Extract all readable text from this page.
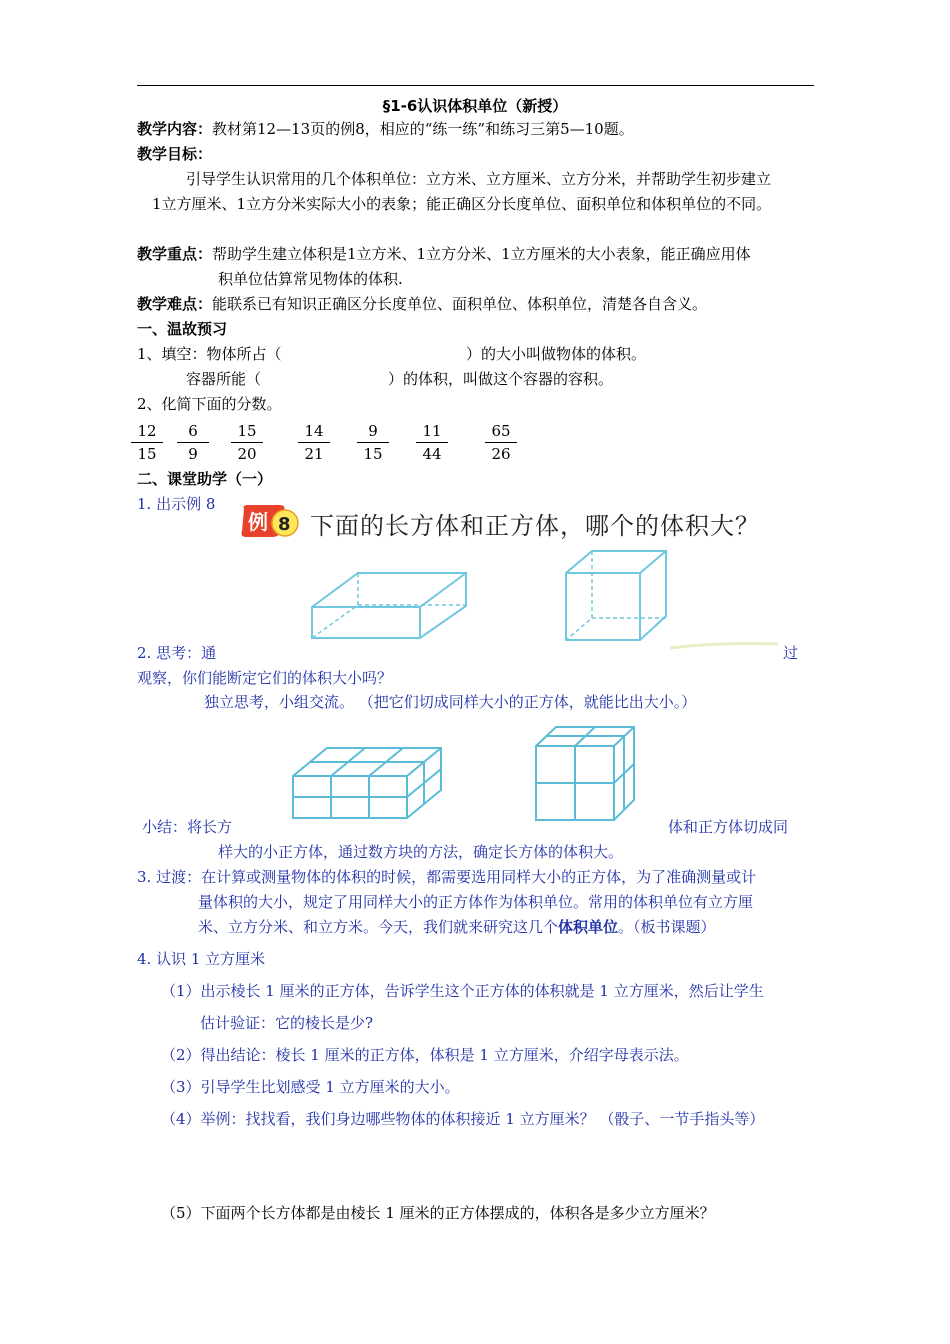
§1-6认识体积单位（新授）
教学内容：教材第12—13页的例8，相应的“练一练”和练习三第5—10题。
教学目标：
引导学生认识常用的几个体积单位：立方米、立方厘米、立方分米，并帮助学生初步建立
1立方厘米、1立方分米实际大小的表象；能正确区分长度单位、面积单位和体积单位的不同。
教学重点：帮助学生建立体积是1立方米、1立方分米、1立方厘米的大小表象，能正确应用体
积单位估算常见物体的体积.
教学难点：能联系已有知识正确区分长度单位、面积单位、体积单位，清楚各自含义。
一、温故预习
1、填空：物体所占（	）的大小叫做物体的体积。
容器所能（	）的体积，叫做这个容器的容积。
2、化简下面的分数。
$\frac{12}{15} \frac{6}{9} \frac{15}{20} \frac{14}{21} \frac{9}{15} \frac{11}{44} \frac{65}{26}$
二、课堂助学（一）
1. 出示例 8
例 8 下面的长方体和正方体，哪个的体积大？
2. 思考：通	过
观察，你们能断定它们的体积大小吗？
独立思考，小组交流。 （把它们切成同样大小的正方体，就能比出大小。）
小结：将长方	体和正方体切成同
样大的小正方体，通过数方块的方法，确定长方体的体积大。
3. 过渡：在计算或测量物体的体积的时候，都需要选用同样大小的正方体，为了准确测量或计
量体积的大小，规定了用同样大小的正方体作为体积单位。常用的体积单位有立方厘
米、立方分米、和立方米。今天，我们就来研究这几个体积单位。（板书课题）
4. 认识 1 立方厘米
（1）出示棱长 1 厘米的正方体，告诉学生这个正方体的体积就是 1 立方厘米，然后让学生
估计验证：它的棱长是少?
（2）得出结论：棱长 1 厘米的正方体，体积是 1 立方厘米，介绍字母表示法。
（3）引导学生比划感受 1 立方厘米的大小。
（4）举例：找找看，我们身边哪些物体的体积接近 1 立方厘米？ （骰子、一节手指头等）
（5）下面两个长方体都是由棱长 1 厘米的正方体摆成的，体积各是多少立方厘米？
